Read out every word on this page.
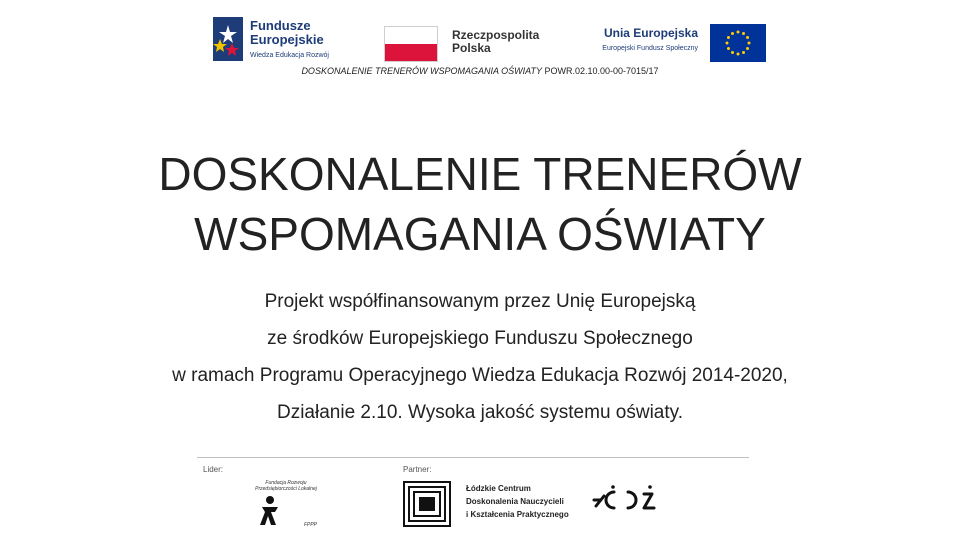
Fundusze
Europejskie
Wiedza Edukacja Rozwój
Rzeczpospolita
Polska
Unia Europejska
Europejski Fundusz Społeczny
DOSKONALENIE TRENERÓW WSPOMAGANIA OŚWIATY POWR.02.10.00-00-7015/17
DOSKONALENIE TRENERÓW
WSPOMAGANIA OŚWIATY
Projekt współfinansowanym przez Unię Europejską
ze środków Europejskiego Funduszu Społecznego
w ramach Programu Operacyjnego Wiedza Edukacja Rozwój 2014-2020,
Działanie 2.10. Wysoka jakość systemu oświaty.
Lider:	Partner:
Fundacja Rozwoju
Przedsiębiorczości Lokalnej
FPPP
Łódzkie Centrum
Doskonalenia Nauczycieli
i Kształcenia Praktycznego
